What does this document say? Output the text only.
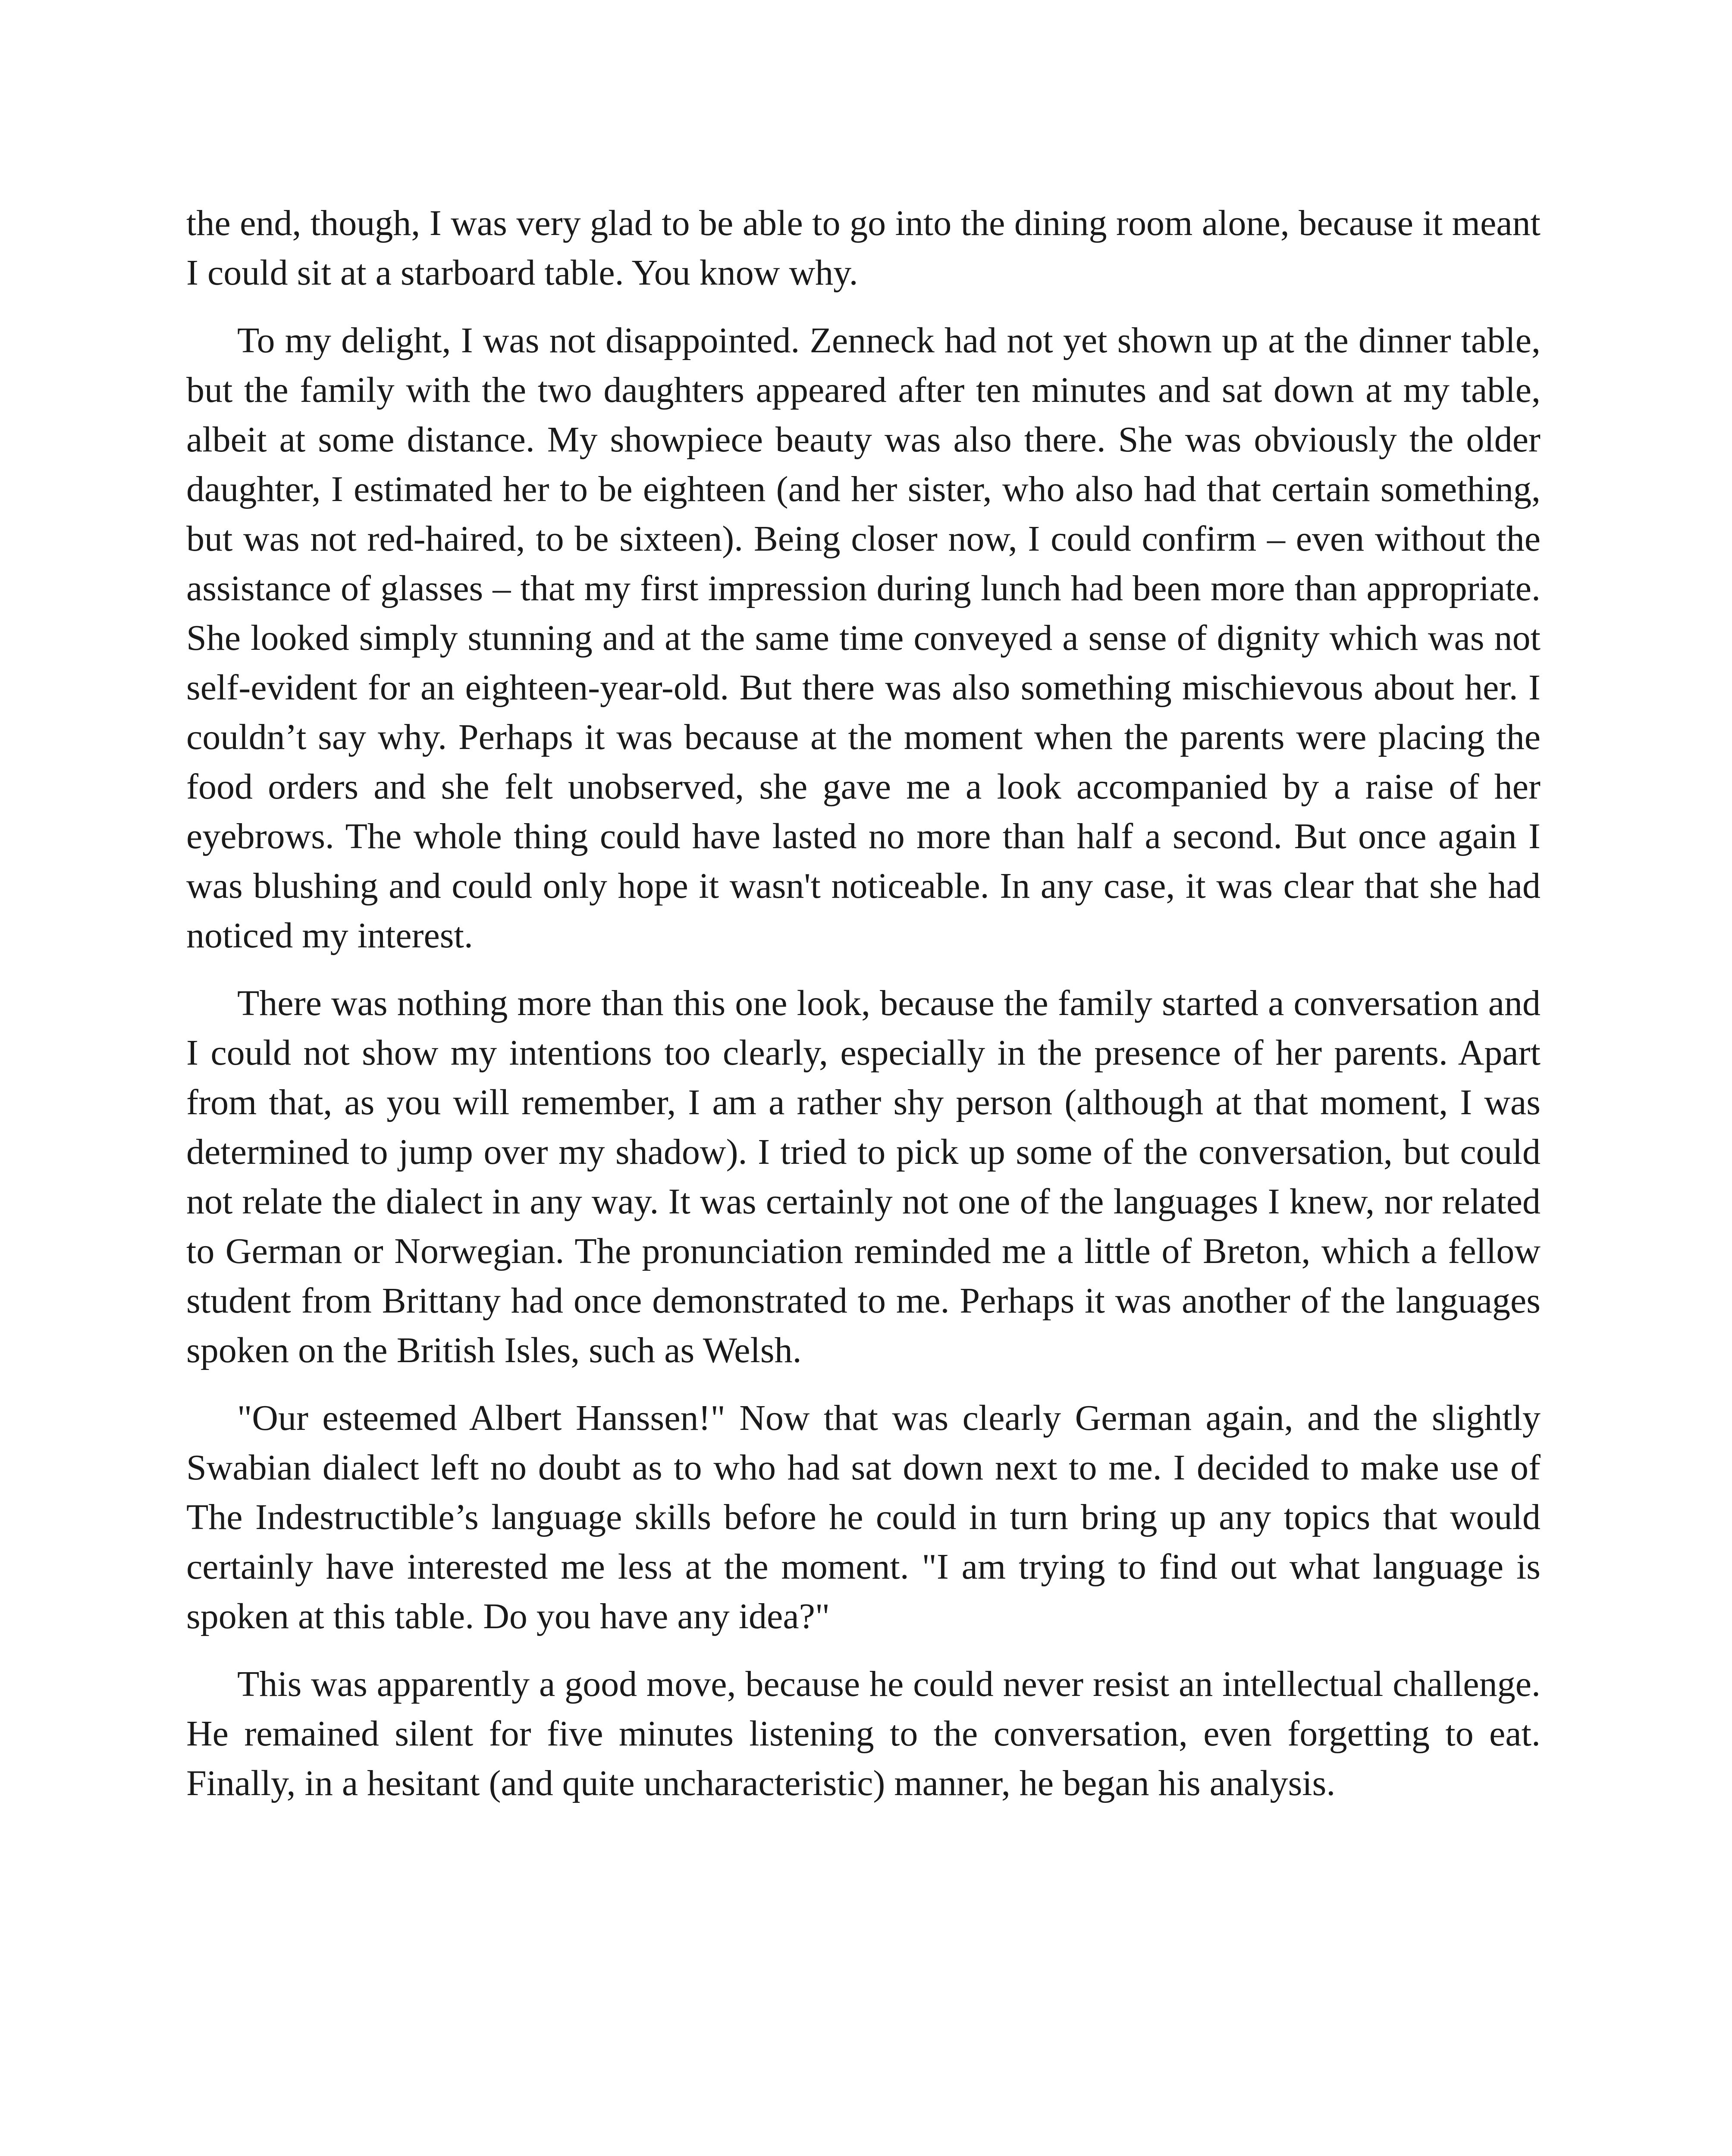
the end, though, I was very glad to be able to go into the dining room alone, because it meant I could sit at a starboard table. You know why.

To my delight, I was not disappointed. Zenneck had not yet shown up at the dinner table, but the family with the two daughters appeared after ten minutes and sat down at my table, albeit at some distance. My showpiece beauty was also there. She was obviously the older daughter, I estimated her to be eighteen (and her sister, who also had that certain something, but was not red-haired, to be sixteen). Being closer now, I could confirm – even without the assistance of glasses – that my first impression during lunch had been more than appropriate. She looked simply stunning and at the same time conveyed a sense of dignity which was not self-evident for an eighteen-year-old. But there was also something mischievous about her. I couldn’t say why. Perhaps it was because at the moment when the parents were placing the food orders and she felt unobserved, she gave me a look accompanied by a raise of her eyebrows. The whole thing could have lasted no more than half a second. But once again I was blushing and could only hope it wasn't noticeable. In any case, it was clear that she had noticed my interest.

There was nothing more than this one look, because the family started a conversation and I could not show my intentions too clearly, especially in the presence of her parents. Apart from that, as you will remember, I am a rather shy person (although at that moment, I was determined to jump over my shadow). I tried to pick up some of the conversation, but could not relate the dialect in any way. It was certainly not one of the languages I knew, nor related to German or Norwegian. The pronunciation reminded me a little of Breton, which a fellow student from Brittany had once demonstrated to me. Perhaps it was another of the languages spoken on the British Isles, such as Welsh.

"Our esteemed Albert Hanssen!" Now that was clearly German again, and the slightly Swabian dialect left no doubt as to who had sat down next to me. I decided to make use of The Indestructible’s language skills before he could in turn bring up any topics that would certainly have interested me less at the moment. "I am trying to find out what language is spoken at this table. Do you have any idea?"

This was apparently a good move, because he could never resist an intellectual challenge. He remained silent for five minutes listening to the conversation, even forgetting to eat. Finally, in a hesitant (and quite uncharacteristic) manner, he began his analysis.
